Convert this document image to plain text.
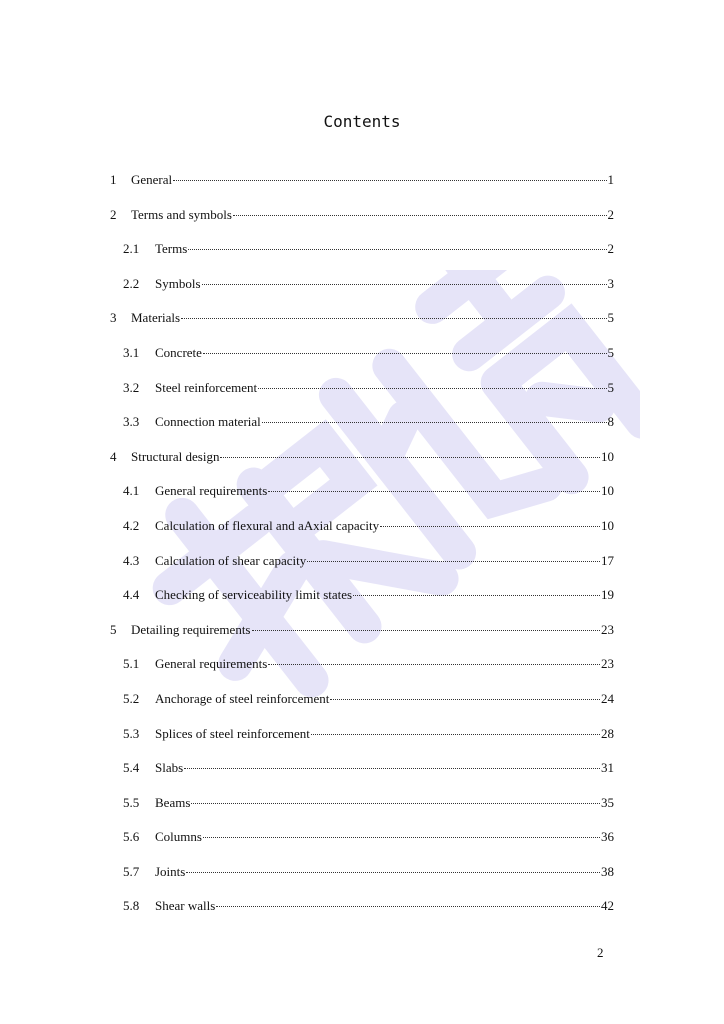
Contents
1	General	1
2	Terms and symbols	2
2.1	Terms	2
2.2	Symbols	3
3	Materials	5
3.1	Concrete	5
3.2	Steel reinforcement	5
3.3	Connection material	8
4	Structural design	10
4.1	General requirements	10
4.2	Calculation of flexural and aAxial capacity	10
4.3	Calculation of shear capacity	17
4.4	Checking of serviceability limit states	19
5	Detailing requirements	23
5.1	General requirements	23
5.2	Anchorage of steel reinforcement	24
5.3	Splices of steel reinforcement	28
5.4	Slabs	31
5.5	Beams	35
5.6	Columns	36
5.7	Joints	38
5.8	Shear walls	42
2
